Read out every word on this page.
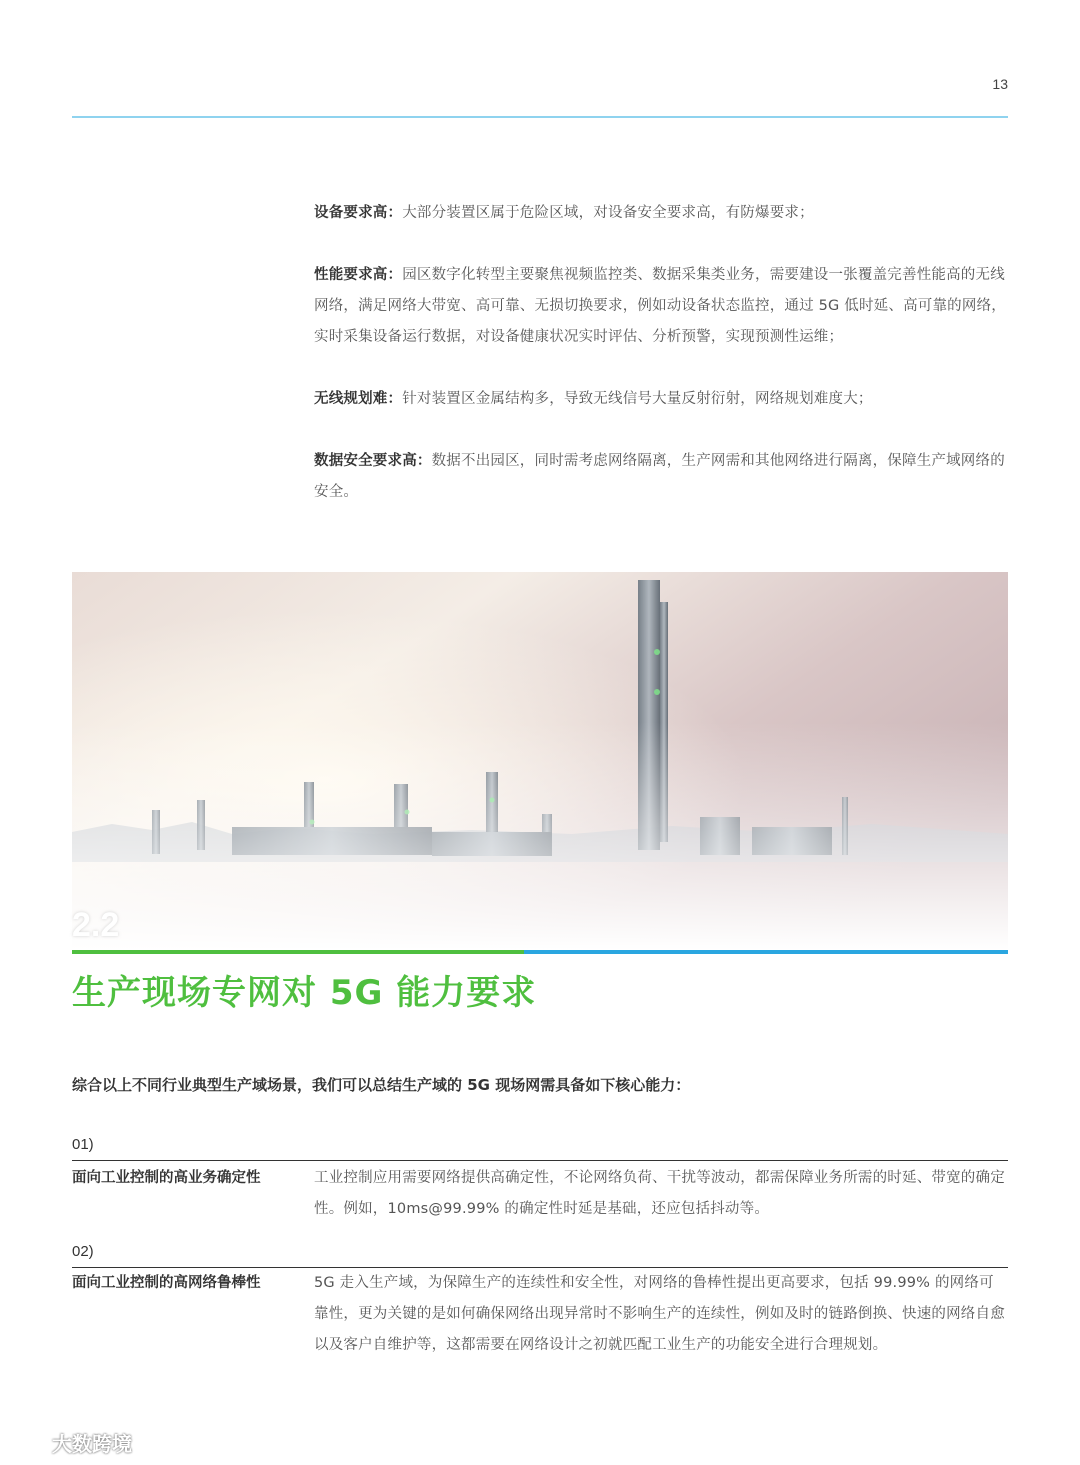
13

设备要求高：大部分装置区属于危险区域，对设备安全要求高，有防爆要求；

性能要求高：园区数字化转型主要聚焦视频监控类、数据采集类业务，需要建设一张覆盖完善性能高的无线网络，满足网络大带宽、高可靠、无损切换要求，例如动设备状态监控，通过 5G 低时延、高可靠的网络，实时采集设备运行数据，对设备健康状况实时评估、分析预警，实现预测性运维；

无线规划难：针对装置区金属结构多，导致无线信号大量反射衍射，网络规划难度大；

数据安全要求高：数据不出园区，同时需考虑网络隔离，生产网需和其他网络进行隔离，保障生产域网络的安全。

2.2
生产现场专网对 5G 能力要求
综合以上不同行业典型生产域场景，我们可以总结生产域的 5G 现场网需具备如下核心能力：
01)
面向工业控制的高业务确定性	工业控制应用需要网络提供高确定性，不论网络负荷、干扰等波动，都需保障业务所需的时延、带宽的确定性。例如，10ms@99.99% 的确定性时延是基础，还应包括抖动等。
02)
面向工业控制的高网络鲁棒性	5G 走入生产域，为保障生产的连续性和安全性，对网络的鲁棒性提出更高要求，包括 99.99% 的网络可靠性，更为关键的是如何确保网络出现异常时不影响生产的连续性，例如及时的链路倒换、快速的网络自愈以及客户自维护等，这都需要在网络设计之初就匹配工业生产的功能安全进行合理规划。
大数跨境
